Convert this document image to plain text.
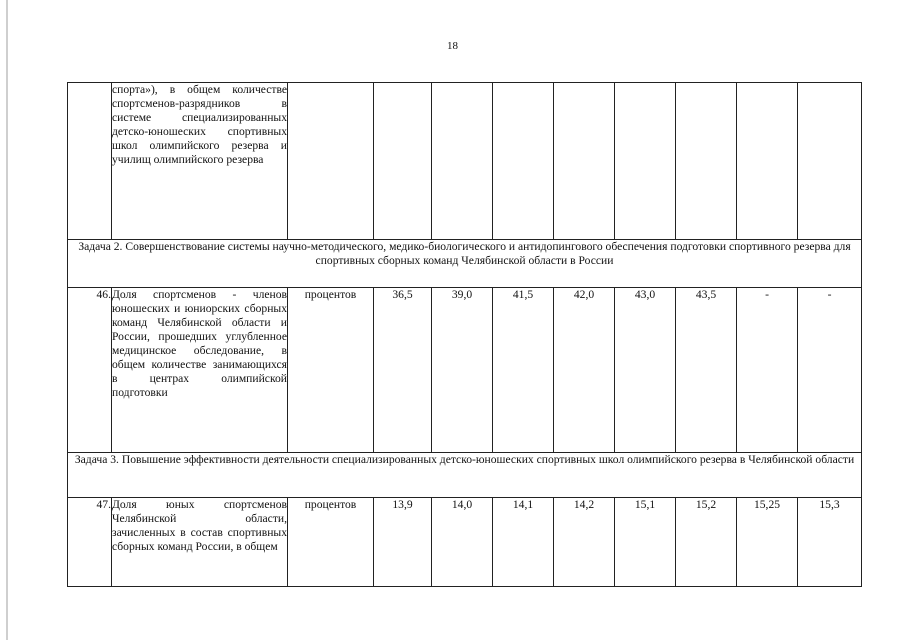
18
	спорта»), в общем количестве спортсменов-разрядников в системе специализированных детско-юношеских спортивных школ олимпийского резерва и училищ олимпийского резерва									
Задача 2. Совершенствование системы научно-методического, медико-биологического и антидопингового обеспечения подготовки спортивного резерва для спортивных сборных команд Челябинской области в России										
46.	Доля спортсменов - членов юношеских и юниорских сборных команд Челябинской области и России, прошедших углубленное медицинское обследование, в общем количестве занимающихся в центрах олимпийской подготовки	процентов	36,5	39,0	41,5	42,0	43,0	43,5	-	-
Задача 3. Повышение эффективности деятельности специализированных детско-юношеских спортивных школ олимпийского резерва в Челябинской области										
47.	Доля юных спортсменов Челябинской области, зачисленных в состав спортивных сборных команд России, в общем	процентов	13,9	14,0	14,1	14,2	15,1	15,2	15,25	15,3
